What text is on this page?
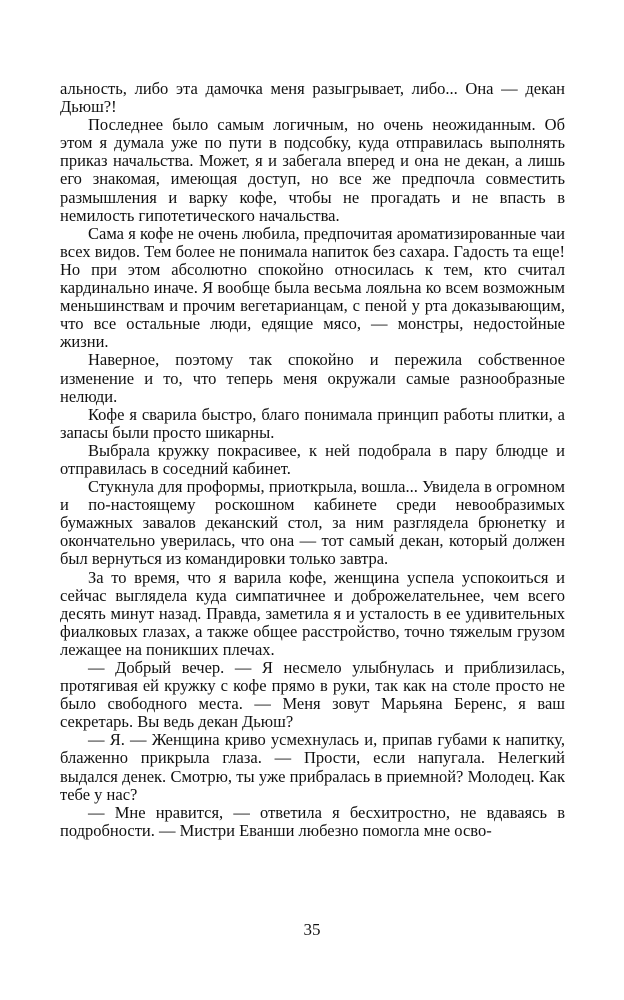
альность, либо эта дамочка меня разыгрывает, либо... Она — декан Дьюш?!

Последнее было самым логичным, но очень неожиданным. Об этом я думала уже по пути в подсобку, куда отправилась выполнять приказ начальства. Может, я и забегала вперед и она не декан, а лишь его знакомая, имеющая доступ, но все же предпочла совместить размышления и варку кофе, чтобы не прогадать и не впасть в немилость гипотетического начальства.

Сама я кофе не очень любила, предпочитая ароматизированные чаи всех видов. Тем более не понимала напиток без сахара. Гадость та еще! Но при этом абсолютно спокойно относилась к тем, кто считал кардинально иначе. Я вообще была весьма лояльна ко всем возможным меньшинствам и прочим вегетарианцам, с пеной у рта доказывающим, что все остальные люди, едящие мясо, — монстры, недостойные жизни.

Наверное, поэтому так спокойно и пережила собственное изменение и то, что теперь меня окружали самые разнообразные нелюди.

Кофе я сварила быстро, благо понимала принцип работы плитки, а запасы были просто шикарны.

Выбрала кружку покрасивее, к ней подобрала в пару блюдце и отправилась в соседний кабинет.

Стукнула для проформы, приоткрыла, вошла... Увидела в огромном и по-настоящему роскошном кабинете среди невообразимых бумажных завалов деканский стол, за ним разглядела брюнетку и окончательно уверилась, что она — тот самый декан, который должен был вернуться из командировки только завтра.

За то время, что я варила кофе, женщина успела успокоиться и сейчас выглядела куда симпатичнее и доброжелательнее, чем всего десять минут назад. Правда, заметила я и усталость в ее удивительных фиалковых глазах, а также общее расстройство, точно тяжелым грузом лежащее на поникших плечах.

— Добрый вечер. — Я несмело улыбнулась и приблизилась, протягивая ей кружку с кофе прямо в руки, так как на столе просто не было свободного места. — Меня зовут Марьяна Беренс, я ваш секретарь. Вы ведь декан Дьюш?

— Я. — Женщина криво усмехнулась и, припав губами к напитку, блаженно прикрыла глаза. — Прости, если напугала. Нелегкий выдался денек. Смотрю, ты уже прибралась в приемной? Молодец. Как тебе у нас?

— Мне нравится, — ответила я бесхитростно, не вдаваясь в подробности. — Мистри Еванши любезно помогла мне осво-

35
